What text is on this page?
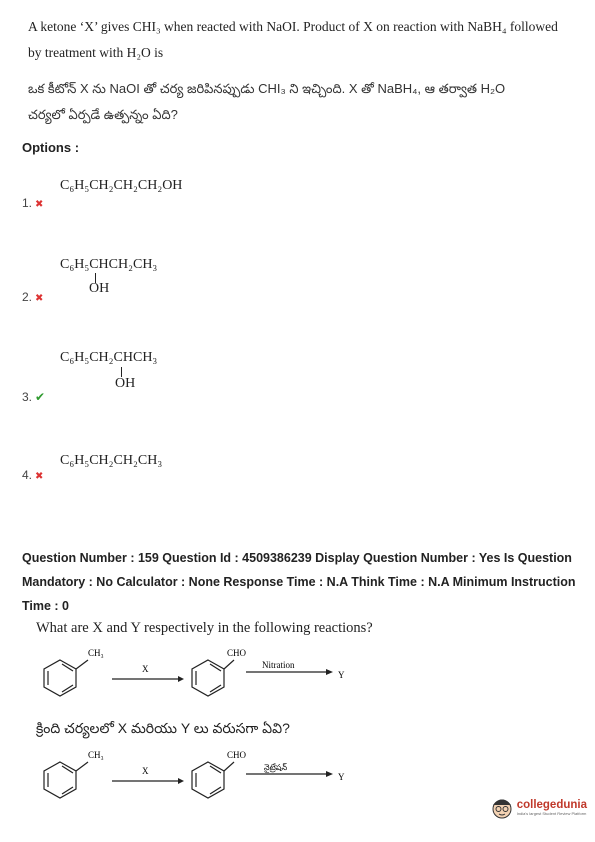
A ketone ‘X’ gives CHI₃ when reacted with NaOI. Product of X on reaction with NaBH₄ followed
by treatment with H₂O is
ఒక కీటోన్ X ను NaOI తో చర్య జరిపినప్పుడు CHI₃ ని ఇచ్చింది. X తో NaBH₄, ఆ తర్వాత H₂O
చర్యలో ఏర్పడే ఉత్పన్నం ఏది?
Options :
C₆H₅CH₂CH₂CH₂OH
1. ✖
C₆H₅CHCH₂CH₃
OH
2. ✖
C₆H₅CH₂CHCH₃
OH
3. ✔
C₆H₅CH₂CH₂CH₃
4. ✖
Question Number : 159 Question Id : 4509386239 Display Question Number : Yes Is Question
Mandatory : No Calculator : None Response Time : N.A Think Time : N.A Minimum Instruction
Time : 0
What are X and Y respectively in the following reactions?
CH₃
X
CHO
Nitration
Y
క్రింది చర్యలలో X మరియు Y లు వరుసగా ఏవి?
CH₃
X
CHO
నైట్రేషన్
Y
collegedunia
India's largest Student Review Platform
